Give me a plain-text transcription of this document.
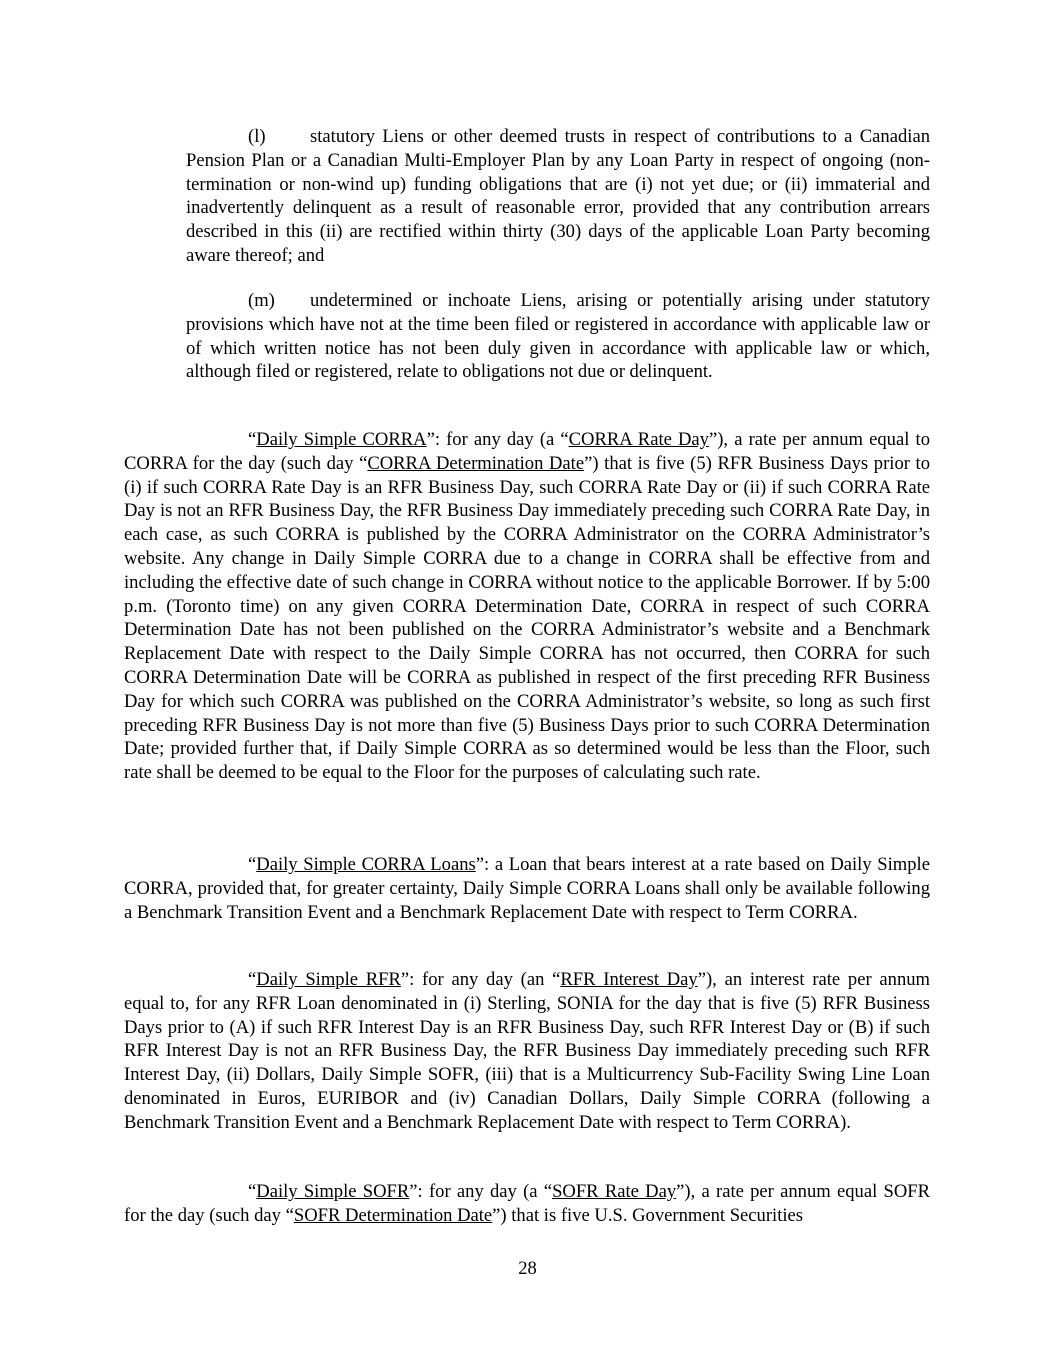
(l) statutory Liens or other deemed trusts in respect of contributions to a Canadian Pension Plan or a Canadian Multi-Employer Plan by any Loan Party in respect of ongoing (non-termination or non-wind up) funding obligations that are (i) not yet due; or (ii) immaterial and inadvertently delinquent as a result of reasonable error, provided that any contribution arrears described in this (ii) are rectified within thirty (30) days of the applicable Loan Party becoming aware thereof; and

(m) undetermined or inchoate Liens, arising or potentially arising under statutory provisions which have not at the time been filed or registered in accordance with applicable law or of which written notice has not been duly given in accordance with applicable law or which, although filed or registered, relate to obligations not due or delinquent.

“Daily Simple CORRA”: for any day (a “CORRA Rate Day”), a rate per annum equal to CORRA for the day (such day “CORRA Determination Date”) that is five (5) RFR Business Days prior to (i) if such CORRA Rate Day is an RFR Business Day, such CORRA Rate Day or (ii) if such CORRA Rate Day is not an RFR Business Day, the RFR Business Day immediately preceding such CORRA Rate Day, in each case, as such CORRA is published by the CORRA Administrator on the CORRA Administrator’s website. Any change in Daily Simple CORRA due to a change in CORRA shall be effective from and including the effective date of such change in CORRA without notice to the applicable Borrower. If by 5:00 p.m. (Toronto time) on any given CORRA Determination Date, CORRA in respect of such CORRA Determination Date has not been published on the CORRA Administrator’s website and a Benchmark Replacement Date with respect to the Daily Simple CORRA has not occurred, then CORRA for such CORRA Determination Date will be CORRA as published in respect of the first preceding RFR Business Day for which such CORRA was published on the CORRA Administrator’s website, so long as such first preceding RFR Business Day is not more than five (5) Business Days prior to such CORRA Determination Date; provided further that, if Daily Simple CORRA as so determined would be less than the Floor, such rate shall be deemed to be equal to the Floor for the purposes of calculating such rate.

“Daily Simple CORRA Loans”: a Loan that bears interest at a rate based on Daily Simple CORRA, provided that, for greater certainty, Daily Simple CORRA Loans shall only be available following a Benchmark Transition Event and a Benchmark Replacement Date with respect to Term CORRA.

“Daily Simple RFR”: for any day (an “RFR Interest Day”), an interest rate per annum equal to, for any RFR Loan denominated in (i) Sterling, SONIA for the day that is five (5) RFR Business Days prior to (A) if such RFR Interest Day is an RFR Business Day, such RFR Interest Day or (B) if such RFR Interest Day is not an RFR Business Day, the RFR Business Day immediately preceding such RFR Interest Day, (ii) Dollars, Daily Simple SOFR, (iii) that is a Multicurrency Sub-Facility Swing Line Loan denominated in Euros, EURIBOR and (iv) Canadian Dollars, Daily Simple CORRA (following a Benchmark Transition Event and a Benchmark Replacement Date with respect to Term CORRA).

“Daily Simple SOFR”: for any day (a “SOFR Rate Day”), a rate per annum equal SOFR for the day (such day “SOFR Determination Date”) that is five U.S. Government Securities

28
